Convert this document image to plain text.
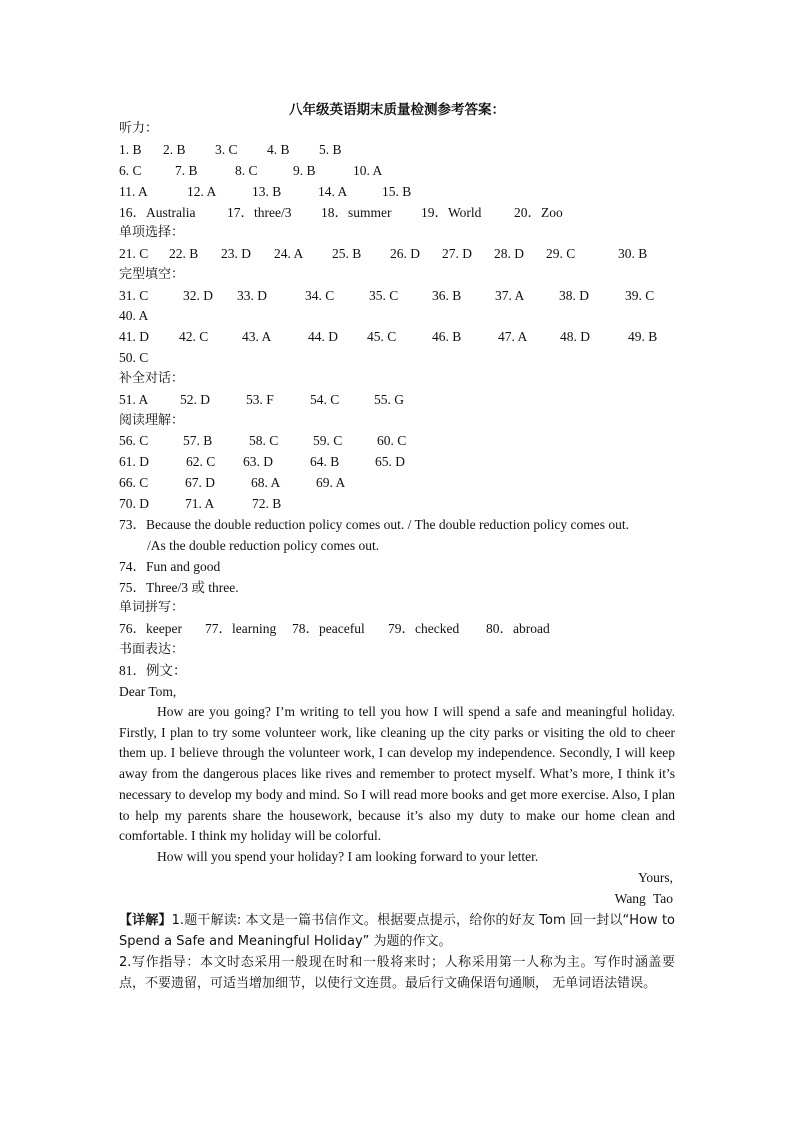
八年级英语期末质量检测参考答案：
听力：
1. B 2. B 3. C 4. B 5. B
6. C 7. B	8. C	9. B	10. A
11. A	12. A	13. B	14. A	15. B
16．Australia 17．three/3 18．summer 19．World 20．Zoo
单项选择：
21. C 22. B 23. D 24. A 25. B 26. D 27. D 28. D 29. C	30. B
完型填空：
31. C	32. D 33. D	34. C	35. C 36. B 37. A	38. D	39. C
40. A
41. D 42. C 43. A	44. D 45. C	46. B	47. A 48. D	49. B
50. C
补全对话：
51. A 52. D	53. F	54. C	55. G
阅读理解：
56. C	57. B	58. C	59. C	60. C
61. D	62. C 63. D	64. B	65. D
66. C	67. D	68. A	69. A
70. D	71. A	72. B
73．Because the double reduction policy comes out. / The double reduction policy comes out.
/As the double reduction policy comes out.
74．Fun and good
75．Three/3 或 three.
单词拼写：
76．keeper 77．learning 78．peaceful 79．checked 80．abroad
书面表达：
81．例文：
Dear Tom,
How are you going? I’m writing to tell you how I will spend a safe and meaningful holiday. Firstly, I plan to try some volunteer work, like cleaning up the city parks or visiting the old to cheer them up. I believe through the volunteer work, I can develop my independence. Secondly, I will keep away from the dangerous places like rives and remember to protect myself. What’s more, I think it’s necessary to develop my body and mind. So I will read more books and get more exercise. Also, I plan to help my parents share the housework, because it’s also my duty to make our home clean and comfortable. I think my holiday will be colorful.
How will you spend your holiday? I am looking forward to your letter.
Yours,
Wang Tao
【详解】1.题干解读: 本文是一篇书信作文。根据要点提示，给你的好友 Tom 回一封以“How to Spend a Safe and Meaningful Holiday” 为题的作文。
2.写作指导：本文时态采用一般现在时和一般将来时；人称采用第一人称为主。写作时涵盖要点，不要遗留，可适当增加细节，以使行文连贯。最后行文确保语句通顺， 无单词语法错误。
